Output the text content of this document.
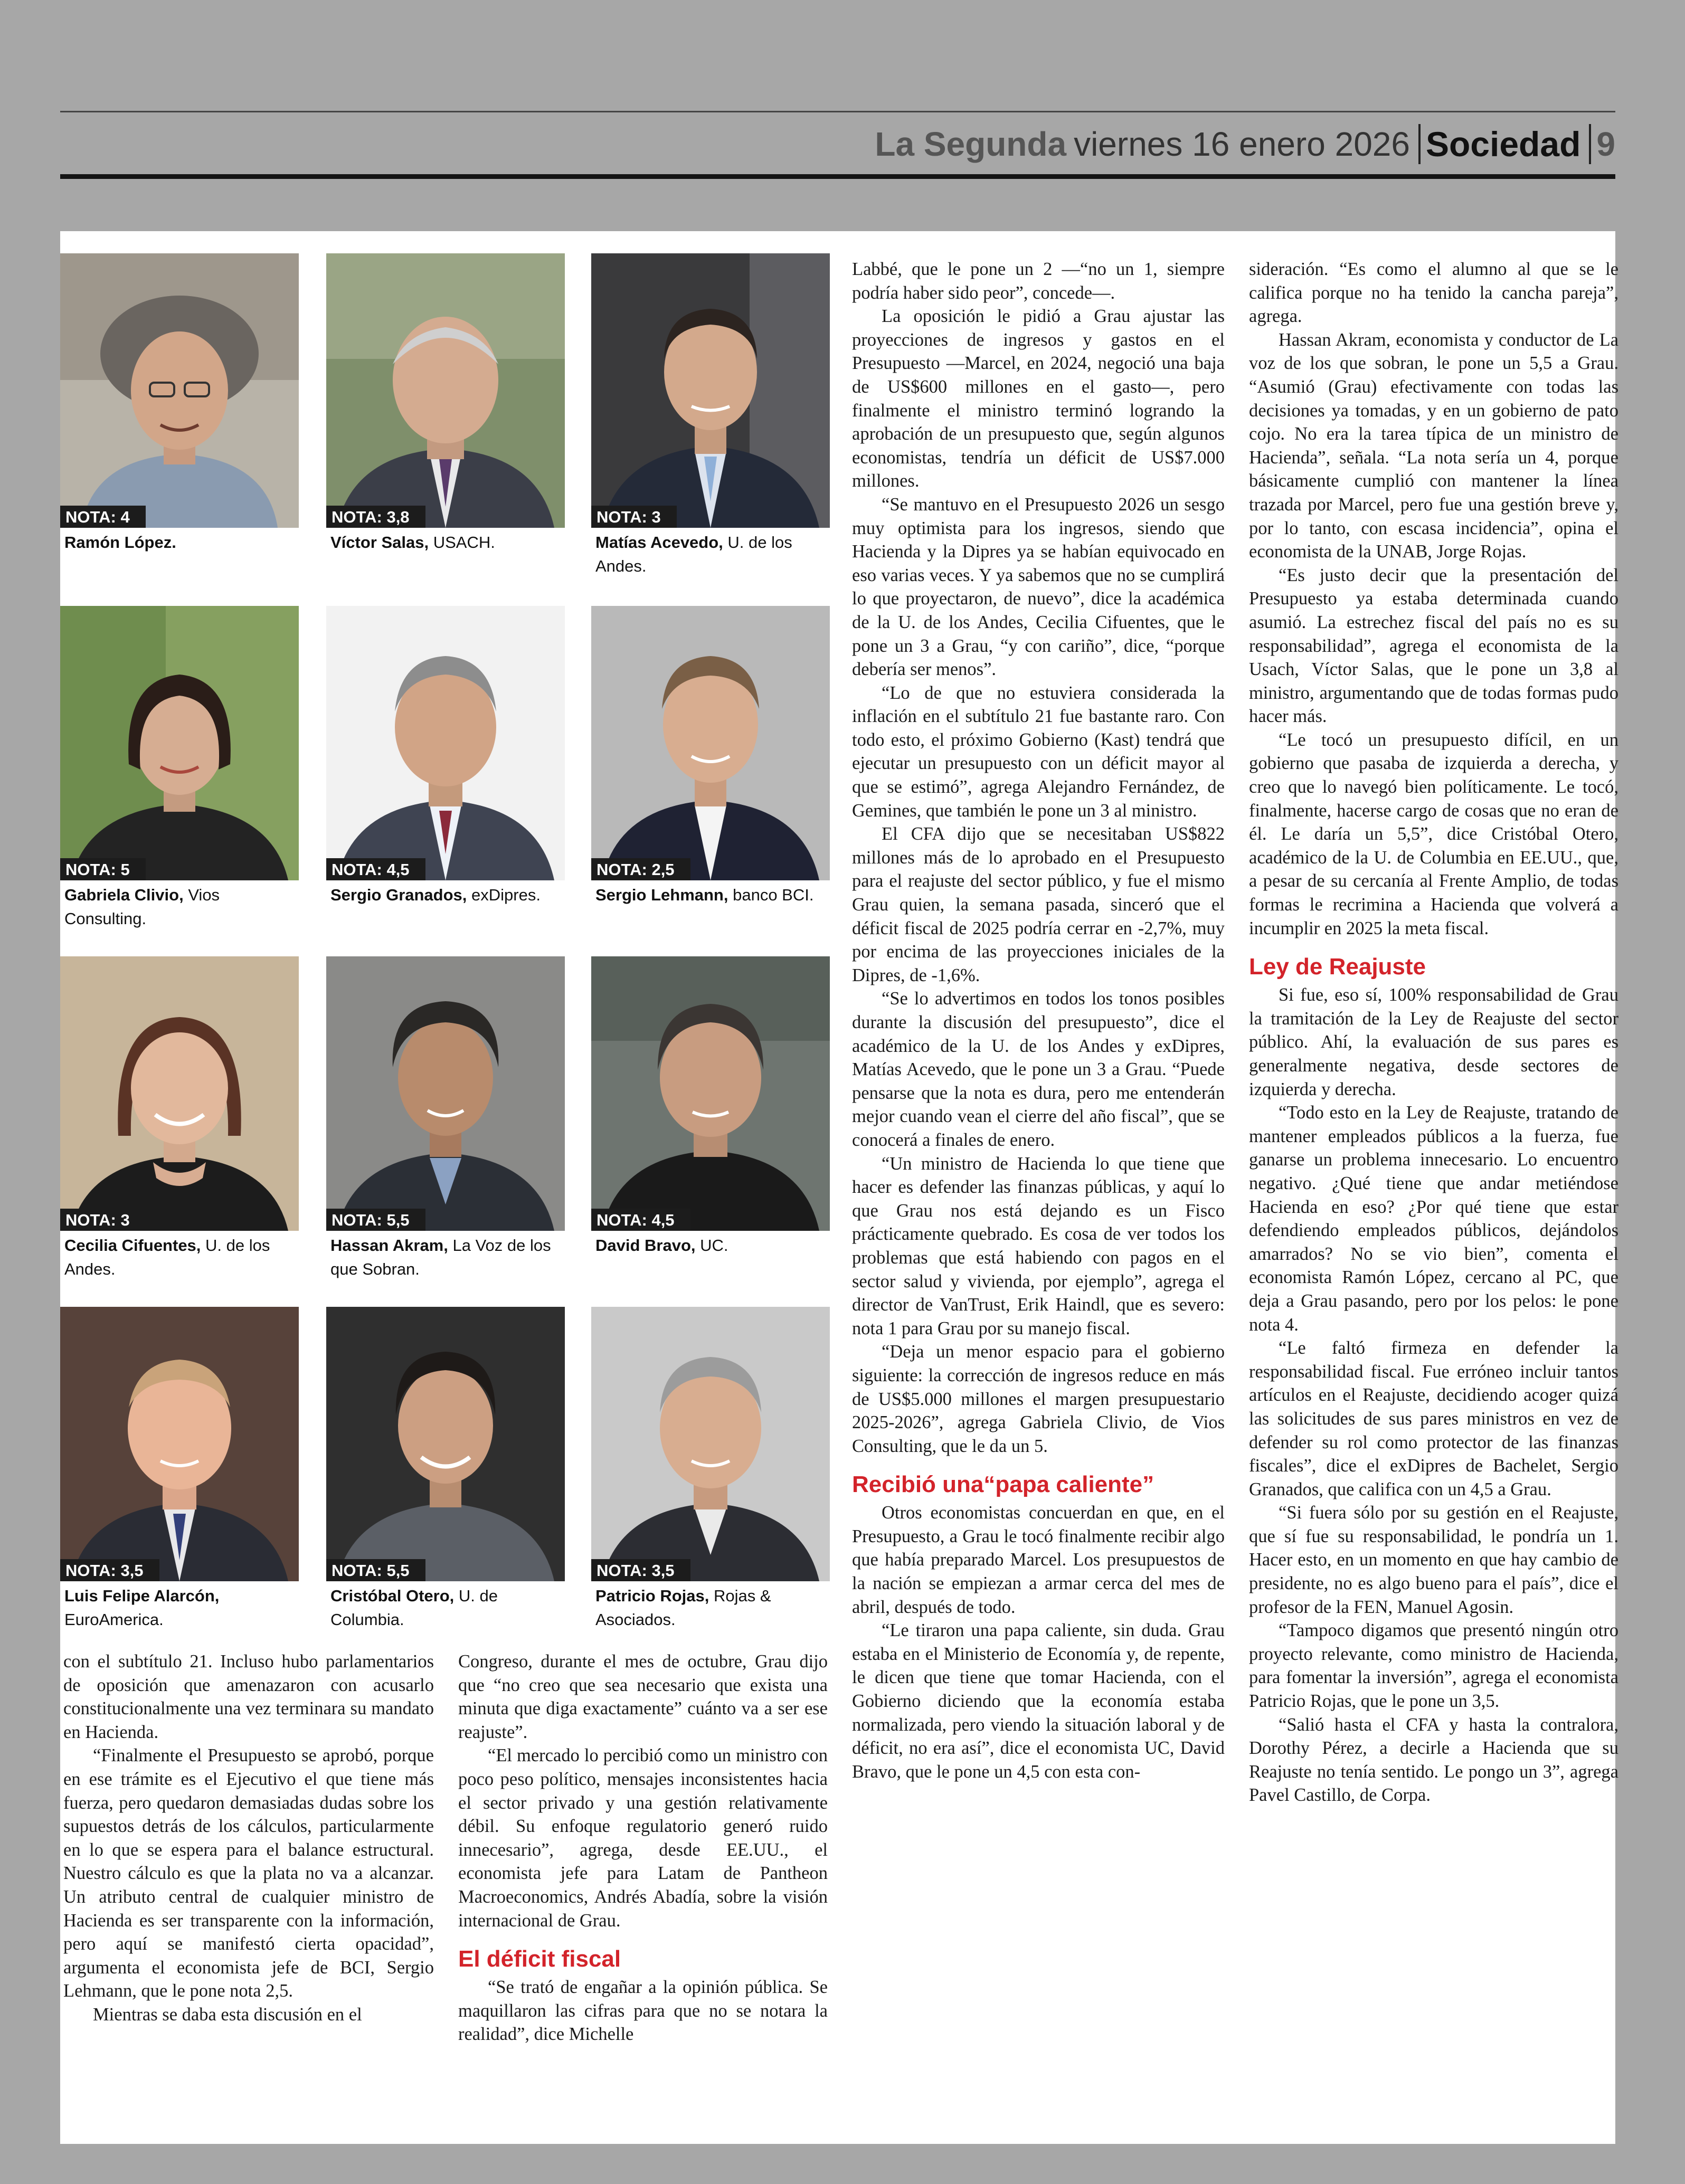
La Segunda viernes 16 enero 2026 Sociedad 9
NOTA: 4
Ramón López.
NOTA: 3,8
Víctor Salas, USACH.
NOTA: 3
Matías Acevedo, U. de los Andes.
NOTA: 5
Gabriela Clivio, Vios Consulting.
NOTA: 4,5
Sergio Granados, exDipres.
NOTA: 2,5
Sergio Lehmann, banco BCI.
NOTA: 3
Cecilia Cifuentes, U. de los Andes.
NOTA: 5,5
Hassan Akram, La Voz de los que Sobran.
NOTA: 4,5
David Bravo, UC.
NOTA: 3,5
Luis Felipe Alarcón, EuroAmerica.
NOTA: 5,5
Cristóbal Otero, U. de Columbia.
NOTA: 3,5
Patricio Rojas, Rojas & Asociados.

con el subtítulo 21. Incluso hubo parlamentarios de oposición que amenazaron con acusarlo constitucionalmente una vez terminara su mandato en Hacienda.

“Finalmente el Presupuesto se aprobó, porque en ese trámite es el Ejecutivo el que tiene más fuerza, pero quedaron demasiadas dudas sobre los supuestos detrás de los cálculos, particularmente en lo que se espera para el balance estructural. Nuestro cálculo es que la plata no va a alcanzar. Un atributo central de cualquier ministro de Hacienda es ser transparente con la información, pero aquí se manifestó cierta opacidad”, argumenta el economista jefe de BCI, Sergio Lehmann, que le pone nota 2,5.

Mientras se daba esta discusión en el

Congreso, durante el mes de octubre, Grau dijo que “no creo que sea necesario que exista una minuta que diga exactamente” cuánto va a ser ese reajuste”.

“El mercado lo percibió como un ministro con poco peso político, mensajes inconsistentes hacia el sector privado y una gestión relativamente débil. Su enfoque regulatorio generó ruido innecesario”, agrega, desde EE.UU., el economista jefe para Latam de Pantheon Macroeconomics, Andrés Abadía, sobre la visión internacional de Grau.

El déficit fiscal

“Se trató de engañar a la opinión pública. Se maquillaron las cifras para que no se notara la realidad”, dice Michelle

Labbé, que le pone un 2 —“no un 1, siempre podría haber sido peor”, concede—.

La oposición le pidió a Grau ajustar las proyecciones de ingresos y gastos en el Presupuesto —Marcel, en 2024, negoció una baja de US$600 millones en el gasto—, pero finalmente el ministro terminó logrando la aprobación de un presupuesto que, según algunos economistas, tendría un déficit de US$7.000 millones.

“Se mantuvo en el Presupuesto 2026 un sesgo muy optimista para los ingresos, siendo que Hacienda y la Dipres ya se habían equivocado en eso varias veces. Y ya sabemos que no se cumplirá lo que proyectaron, de nuevo”, dice la académica de la U. de los Andes, Cecilia Cifuentes, que le pone un 3 a Grau, “y con cariño”, dice, “porque debería ser menos”.

“Lo de que no estuviera considerada la inflación en el subtítulo 21 fue bastante raro. Con todo esto, el próximo Gobierno (Kast) tendrá que ejecutar un presupuesto con un déficit mayor al que se estimó”, agrega Alejandro Fernández, de Gemines, que también le pone un 3 al ministro.

El CFA dijo que se necesitaban US$822 millones más de lo aprobado en el Presupuesto para el reajuste del sector público, y fue el mismo Grau quien, la semana pasada, sinceró que el déficit fiscal de 2025 podría cerrar en -2,7%, muy por encima de las proyecciones iniciales de la Dipres, de -1,6%.

“Se lo advertimos en todos los tonos posibles durante la discusión del presupuesto”, dice el académico de la U. de los Andes y exDipres, Matías Acevedo, que le pone un 3 a Grau. “Puede pensarse que la nota es dura, pero me entenderán mejor cuando vean el cierre del año fiscal”, que se conocerá a finales de enero.

“Un ministro de Hacienda lo que tiene que hacer es defender las finanzas públicas, y aquí lo que Grau nos está dejando es un Fisco prácticamente quebrado. Es cosa de ver todos los problemas que está habiendo con pagos en el sector salud y vivienda, por ejemplo”, agrega el director de VanTrust, Erik Haindl, que es severo: nota 1 para Grau por su manejo fiscal.

“Deja un menor espacio para el gobierno siguiente: la corrección de ingresos reduce en más de US$5.000 millones el margen presupuestario 2025-2026”, agrega Gabriela Clivio, de Vios Consulting, que le da un 5.

Recibió una“papa caliente”

Otros economistas concuerdan en que, en el Presupuesto, a Grau le tocó finalmente recibir algo que había preparado Marcel. Los presupuestos de la nación se empiezan a armar cerca del mes de abril, después de todo.

“Le tiraron una papa caliente, sin duda. Grau estaba en el Ministerio de Economía y, de repente, le dicen que tiene que tomar Hacienda, con el Gobierno diciendo que la economía estaba normalizada, pero viendo la situación laboral y de déficit, no era así”, dice el economista UC, David Bravo, que le pone un 4,5 con esta con-

sideración. “Es como el alumno al que se le califica porque no ha tenido la cancha pareja”, agrega.

Hassan Akram, economista y conductor de La voz de los que sobran, le pone un 5,5 a Grau. “Asumió (Grau) efectivamente con todas las decisiones ya tomadas, y en un gobierno de pato cojo. No era la tarea típica de un ministro de Hacienda”, señala. “La nota sería un 4, porque básicamente cumplió con mantener la línea trazada por Marcel, pero fue una gestión breve y, por lo tanto, con escasa incidencia”, opina el economista de la UNAB, Jorge Rojas.

“Es justo decir que la presentación del Presupuesto ya estaba determinada cuando asumió. La estrechez fiscal del país no es su responsabilidad”, agrega el economista de la Usach, Víctor Salas, que le pone un 3,8 al ministro, argumentando que de todas formas pudo hacer más.

“Le tocó un presupuesto difícil, en un gobierno que pasaba de izquierda a derecha, y creo que lo navegó bien políticamente. Le tocó, finalmente, hacerse cargo de cosas que no eran de él. Le daría un 5,5”, dice Cristóbal Otero, académico de la U. de Columbia en EE.UU., que, a pesar de su cercanía al Frente Amplio, de todas formas le recrimina a Hacienda que volverá a incumplir en 2025 la meta fiscal.

Ley de Reajuste

Si fue, eso sí, 100% responsabilidad de Grau la tramitación de la Ley de Reajuste del sector público. Ahí, la evaluación de sus pares es generalmente negativa, desde sectores de izquierda y derecha.

“Todo esto en la Ley de Reajuste, tratando de mantener empleados públicos a la fuerza, fue ganarse un problema innecesario. Lo encuentro negativo. ¿Qué tiene que andar metiéndose Hacienda en eso? ¿Por qué tiene que estar defendiendo empleados públicos, dejándolos amarrados? No se vio bien”, comenta el economista Ramón López, cercano al PC, que deja a Grau pasando, pero por los pelos: le pone nota 4.

“Le faltó firmeza en defender la responsabilidad fiscal. Fue erróneo incluir tantos artículos en el Reajuste, decidiendo acoger quizá las solicitudes de sus pares ministros en vez de defender su rol como protector de las finanzas fiscales”, dice el exDipres de Bachelet, Sergio Granados, que califica con un 4,5 a Grau.

“Si fuera sólo por su gestión en el Reajuste, que sí fue su responsabilidad, le pondría un 1. Hacer esto, en un momento en que hay cambio de presidente, no es algo bueno para el país”, dice el profesor de la FEN, Manuel Agosin.

“Tampoco digamos que presentó ningún otro proyecto relevante, como ministro de Hacienda, para fomentar la inversión”, agrega el economista Patricio Rojas, que le pone un 3,5.

“Salió hasta el CFA y hasta la contralora, Dorothy Pérez, a decirle a Hacienda que su Reajuste no tenía sentido. Le pongo un 3”, agrega Pavel Castillo, de Corpa.
